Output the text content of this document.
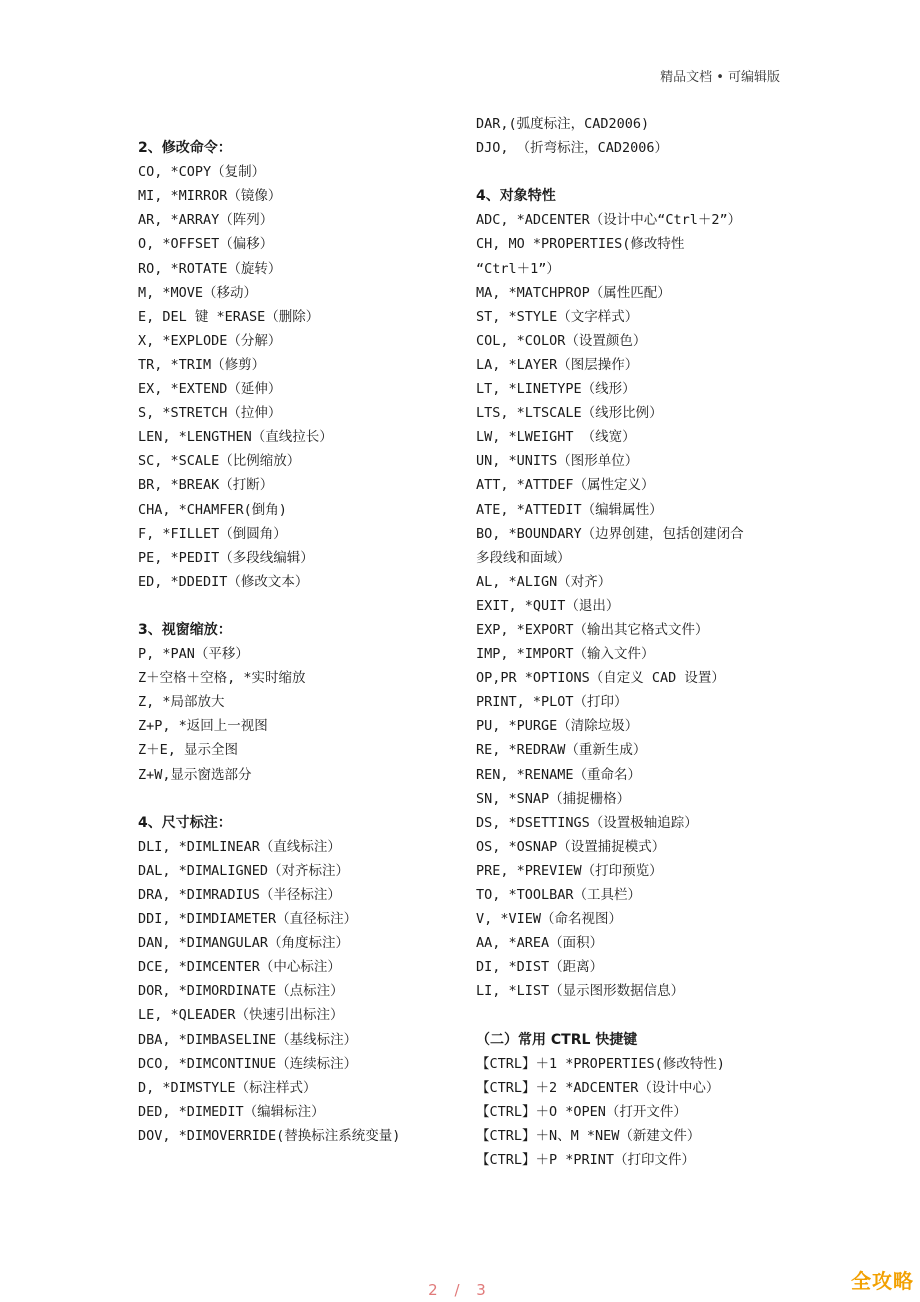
精品文档 • 可编辑版
2、修改命令：
CO, *COPY（复制）
MI, *MIRROR（镜像）
AR, *ARRAY（阵列）
O, *OFFSET（偏移）
RO, *ROTATE（旋转）
M, *MOVE（移动）
E, DEL 键 *ERASE（删除）
X, *EXPLODE（分解）
TR, *TRIM（修剪）
EX, *EXTEND（延伸）
S, *STRETCH（拉伸）
LEN, *LENGTHEN（直线拉长）
SC, *SCALE（比例缩放）
BR, *BREAK（打断）
CHA, *CHAMFER(倒角)
F, *FILLET（倒圆角）
PE, *PEDIT（多段线编辑）
ED, *DDEDIT（修改文本）
3、视窗缩放：
P, *PAN（平移）
Z＋空格＋空格, *实时缩放
Z, *局部放大
Z+P, *返回上一视图
Z＋E, 显示全图
Z+W,显示窗选部分
4、尺寸标注：
DLI, *DIMLINEAR（直线标注）
DAL, *DIMALIGNED（对齐标注）
DRA, *DIMRADIUS（半径标注）
DDI, *DIMDIAMETER（直径标注）
DAN, *DIMANGULAR（角度标注）
DCE, *DIMCENTER（中心标注）
DOR, *DIMORDINATE（点标注）
LE, *QLEADER（快速引出标注）
DBA, *DIMBASELINE（基线标注）
DCO, *DIMCONTINUE（连续标注）
D, *DIMSTYLE（标注样式）
DED, *DIMEDIT（编辑标注）
DOV, *DIMOVERRIDE(替换标注系统变量)
DAR,(弧度标注，CAD2006)
DJO, （折弯标注，CAD2006）
4、对象特性
ADC, *ADCENTER（设计中心“Ctrl＋2”）
CH, MO *PROPERTIES(修改特性
“Ctrl＋1”）
MA, *MATCHPROP（属性匹配）
ST, *STYLE（文字样式）
COL, *COLOR（设置颜色）
LA, *LAYER（图层操作）
LT, *LINETYPE（线形）
LTS, *LTSCALE（线形比例）
LW, *LWEIGHT （线宽）
UN, *UNITS（图形单位）
ATT, *ATTDEF（属性定义）
ATE, *ATTEDIT（编辑属性）
BO, *BOUNDARY（边界创建，包括创建闭合
多段线和面域）
AL, *ALIGN（对齐）
EXIT, *QUIT（退出）
EXP, *EXPORT（输出其它格式文件）
IMP, *IMPORT（输入文件）
OP,PR *OPTIONS（自定义 CAD 设置）
PRINT, *PLOT（打印）
PU, *PURGE（清除垃圾）
RE, *REDRAW（重新生成）
REN, *RENAME（重命名）
SN, *SNAP（捕捉栅格）
DS, *DSETTINGS（设置极轴追踪）
OS, *OSNAP（设置捕捉模式）
PRE, *PREVIEW（打印预览）
TO, *TOOLBAR（工具栏）
V, *VIEW（命名视图）
AA, *AREA（面积）
DI, *DIST（距离）
LI, *LIST（显示图形数据信息）
（二）常用 CTRL 快捷键
【CTRL】＋1 *PROPERTIES(修改特性)
【CTRL】＋2 *ADCENTER（设计中心）
【CTRL】＋O *OPEN（打开文件）
【CTRL】＋N、M *NEW（新建文件）
【CTRL】＋P *PRINT（打印文件）
2 / 3	全攻略
